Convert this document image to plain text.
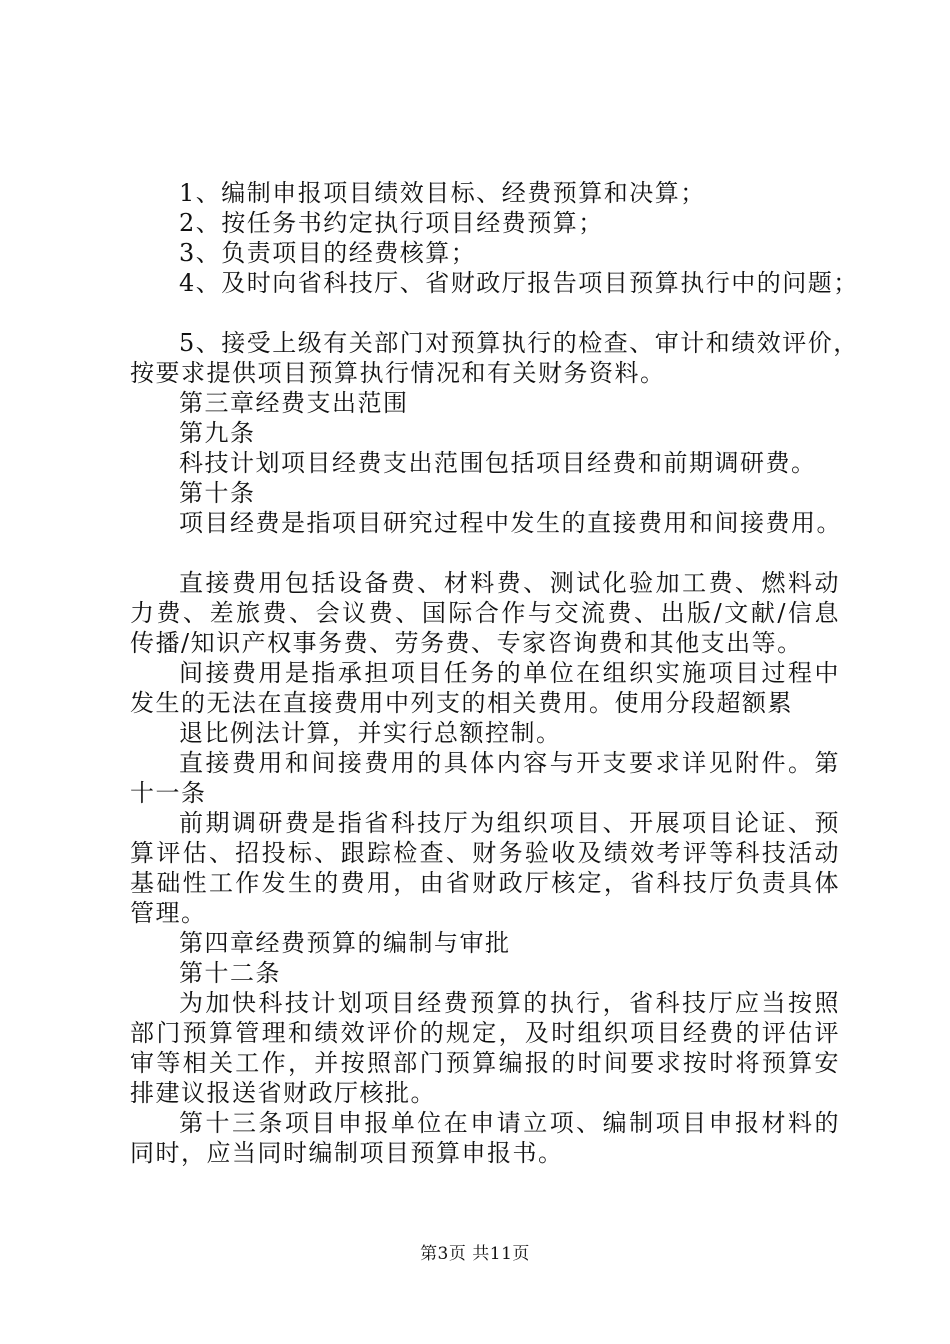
1、编制申报项目绩效目标、经费预算和决算；
2、按任务书约定执行项目经费预算；
3、负责项目的经费核算；
4、及时向省科技厅、省财政厅报告项目预算执行中的问题；
5、接受上级有关部门对预算执行的检查、审计和绩效评价，
按要求提供项目预算执行情况和有关财务资料。
第三章经费支出范围
第九条
科技计划项目经费支出范围包括项目经费和前期调研费。
第十条
项目经费是指项目研究过程中发生的直接费用和间接费用。
直接费用包括设备费、材料费、测试化验加工费、燃料动
力费、差旅费、会议费、国际合作与交流费、出版/文献/信息
传播/知识产权事务费、劳务费、专家咨询费和其他支出等。
间接费用是指承担项目任务的单位在组织实施项目过程中
发生的无法在直接费用中列支的相关费用。使用分段超额累
退比例法计算，并实行总额控制。
直接费用和间接费用的具体内容与开支要求详见附件。第
十一条
前期调研费是指省科技厅为组织项目、开展项目论证、预
算评估、招投标、跟踪检查、财务验收及绩效考评等科技活动
基础性工作发生的费用，由省财政厅核定，省科技厅负责具体
管理。
第四章经费预算的编制与审批
第十二条
为加快科技计划项目经费预算的执行，省科技厅应当按照
部门预算管理和绩效评价的规定，及时组织项目经费的评估评
审等相关工作，并按照部门预算编报的时间要求按时将预算安
排建议报送省财政厅核批。
第十三条项目申报单位在申请立项、编制项目申报材料的
同时，应当同时编制项目预算申报书。
第3页 共11页
